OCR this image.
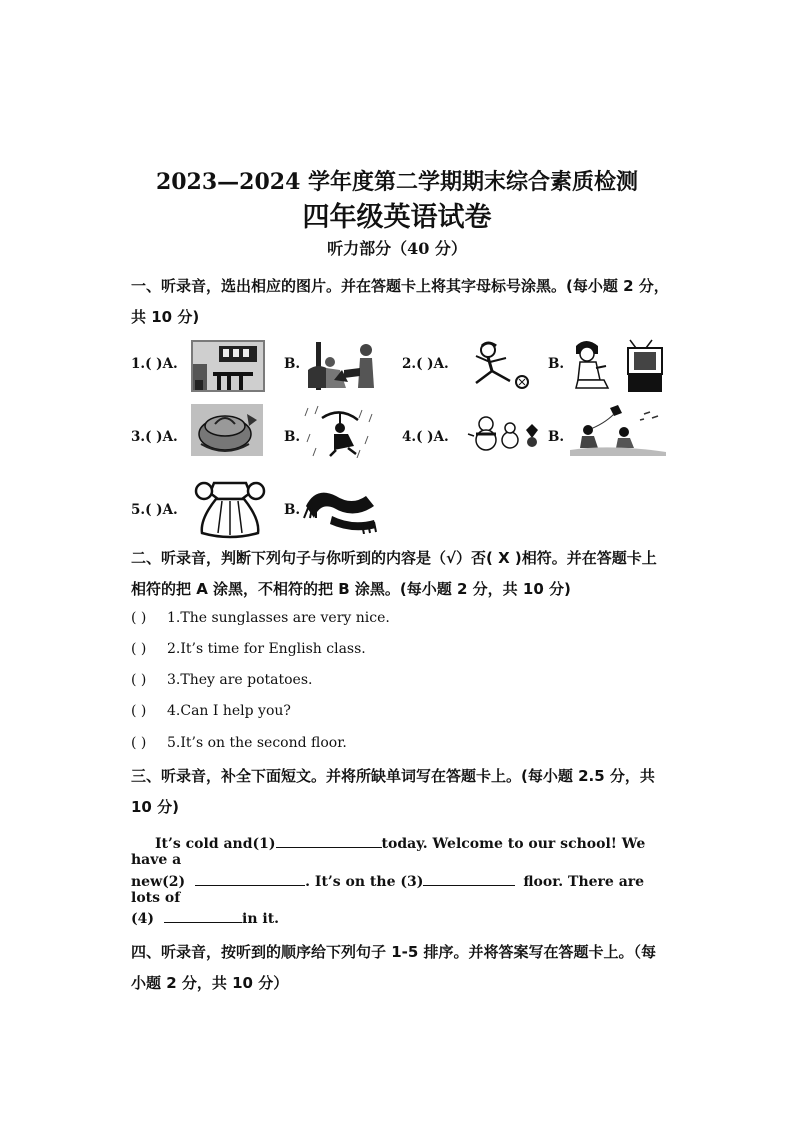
2023—2024 学年度第二学期期末综合素质检测
四年级英语试卷
听力部分（40 分）
一、听录音，选出相应的图片。并在答题卡上将其字母标号涂黑。(每小题 2 分，共 10 分)
1.( )A.	B.	2.( )A.	B.
3.( )A.	B.	4.( )A.	B.
5.( )A.	B.
二、听录音，判断下列句子与你听到的内容是（√）否( X )相符。并在答题卡上相符的把 A 涂黑，不相符的把 B 涂黑。(每小题 2 分，共 10 分)
( ) 1.The sunglasses are very nice.
( ) 2.It’s time for English class.
( ) 3.They are potatoes.
( ) 4.Can I help you?
( ) 5.It’s on the second floor.
三、听录音，补全下面短文。并将所缺单词写在答题卡上。(每小题 2.5 分，共 10 分)
It’s cold and(1)	today. Welcome to our school! We have a
new(2)	. It’s on the (3)	floor. There are lots of
(4)	in it.
四、听录音，按听到的顺序给下列句子 1-5 排序。并将答案写在答题卡上。（每小题 2 分，共 10 分）
